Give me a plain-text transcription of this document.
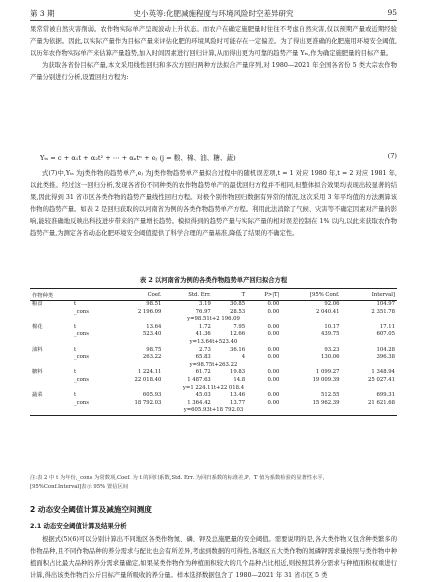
第 3 期	史小英等:化肥减施程度与环境风险时空差异研究	95

果常常被自然灾害削弱。农作物实际单产呈现波动上升状态。而农户在确定施肥量时往往不考虑自然灾害,仅以预期产量或近期经验产量为依据。因此,以实际产量作为目标产量来评估化肥的环境风险时可能存在一定偏差。为了得出更准确的化肥施用环境安全阈值,以历年农作物实际单产来估算产量趋势,加入时间因素进行回归计算,从而得出更为可靠的趋势产量 Yₜₛ,作为确定施肥量的目标产量。

为获取各省份目标产量,本文采用线性回归和多次方回归两种方法拟合产量序列,对 1980—2021 年全国各省份 5 类大宗农作物产量分别进行分析,设置回归方程为:

Yₜₛ = c + α₁t + α₂t² + ⋯ + αₙtⁿ + eⱼ (j = 粮、棉、油、糖、蔬)	(7)

式(7)中,Yₜₛ 为j类作物的趋势单产,eⱼ 为j类作物趋势单产量拟合过程中的随机误差项,t = 1 对应 1980 年,t = 2 对应 1981 年,以此类推。经过这一回归分析,发现各省份不同种类的农作物趋势单产的最优回归方程并不相同,但整体拟合效果均表现出较显著的结果,因此得到 31 省市区各类作物的趋势产量线性回归方程。对极个别作物回归数据有异常的情况,这次采用 3 年平均值的方法测算该作物的趋势产量。如表 2 是回归获取的以河南省为例的各类作物趋势单产方程。利用此法消除了气候、灾害等不确定因素对产量的影响,能较准确地反映出科技进步带来的产量增长趋势。模拟得到的趋势产量与实际产量的相对误差控制在 1% 以内,以此来获取农作物趋势产量,为测定各省动态化肥环境安全阈值提供了科学合理的产量基准,降低了结果的不确定性。

表 2 以河南省为例的各类作物趋势单产回归拟合方程
作物种类		Coef.	Std. Err.	T	P>|T|	[95% Conf.	Interval]
粮食	t	98.51	3.19	30.85	0.00	92.06	104.97
	_cons	2 196.09	76.97	28.53	0.00	2 040.41	2 351.78
y=98.51t+2 196.09							
棉花	t	13.64	1.72	7.95	0.00	10.17	17.11
	_cons	523.40	41.36	12.66	0.00	439.75	607.05
y=13.64t+523.40							
油料	t	98.75	2.73	36.16	0.00	93.23	104.28
	_cons	263.22	65.83	4	0.00	130.06	396.38
y=98.75t+263.22							
糖料	t	1 224.11	61.72	19.83	0.00	1 099.27	1 348.94
	_cons	22 018.40	1 487.63	14.8	0.00	19 009.39	25 027.41
y=1 224.11t+22 018.4							
蔬菜	t	605.93	45.03	13.46	0.00	512.55	699.31
	_cons	18 792.03	1 364.42	13.77	0.00	15 962.39	21 621.68
y=605.93t+18 792.03							
注:表 2 中 t 为年份,_cons 为常数项,Coef. 为 t 的回归系数,Std. Err. 为回归系数的标准差,P、T 值为系数检验的显著性水平,
[95%Conf.Interval]表示 95% 置信区间
2 动态安全阈值计算及减施空间测度
2.1 动态安全阈值计算及结果分析

根据式(5)(6)可以分别计算出不同地区各类作物氮、磷、钾及总施肥量的安全阈值。需要说明的是,各大类作物又包含种类繁多的作物品种,且不同作物品种的养分需求与配比也会有所差异,考虑到数据的可得性,各地区五大类作物的氮磷钾需求量按照与类作物中种植面积占比最大品种的养分需求量确定,如果某类作物作为种植面积较大的几个品种占比相近,则按照其养分需求与种植面积权重进行计算,得出该类作物百公斤目标产量所吸收的养分量。样本选择数据包含了 1980—2021 年 31 省市区 5 类
